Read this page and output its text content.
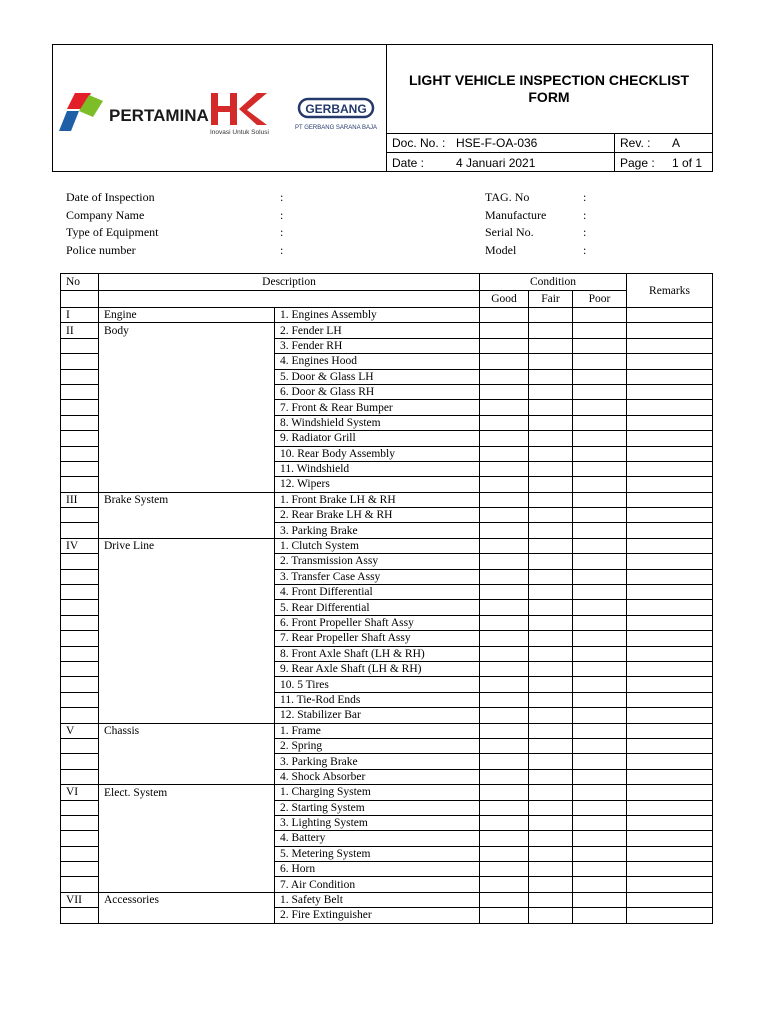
PERTAMINA
Inovasi Untuk Solusi
GERBANG
PT GERBANG SARANA BAJA
LIGHT VEHICLE INSPECTION CHECKLIST
FORM
Doc. No. : HSE-F-OA-036	Rev. : A
Date :	4 Januari 2021	Page : 1 of 1
Date of Inspection	:
Company Name	:
Type of Equipment	:
Police number	:
TAG. No	:
Manufacture	:
Serial No.	:
Model	:
No	Description		Condition			Remarks
			Good	Fair	Poor	
I	Engine	1. Engines Assembly				
II	Body	2. Fender LH				
		3. Fender RH				
		4. Engines Hood				
		5. Door & Glass LH				
		6. Door & Glass RH				
		7. Front & Rear Bumper				
		8. Windshield System				
		9. Radiator Grill				
		10. Rear Body Assembly				
		11. Windshield				
		12. Wipers				
III	Brake System	1. Front Brake LH & RH				
		2. Rear Brake LH & RH				
		3. Parking Brake				
IV	Drive Line	1. Clutch System				
		2. Transmission Assy				
		3. Transfer Case Assy				
		4. Front Differential				
		5. Rear Differential				
		6. Front Propeller Shaft Assy				
		7. Rear Propeller Shaft Assy				
		8. Front Axle Shaft (LH & RH)				
		9. Rear Axle Shaft (LH & RH)				
		10. 5 Tires				
		11. Tie-Rod Ends				
		12. Stabilizer Bar				
V	Chassis	1. Frame				
		2. Spring				
		3. Parking Brake				
		4. Shock Absorber				
VI	Elect. System	1. Charging System				
		2. Starting System				
		3. Lighting System				
		4. Battery				
		5. Metering System				
		6. Horn				
		7. Air Condition				
VII	Accessories	1. Safety Belt				
		2. Fire Extinguisher				
